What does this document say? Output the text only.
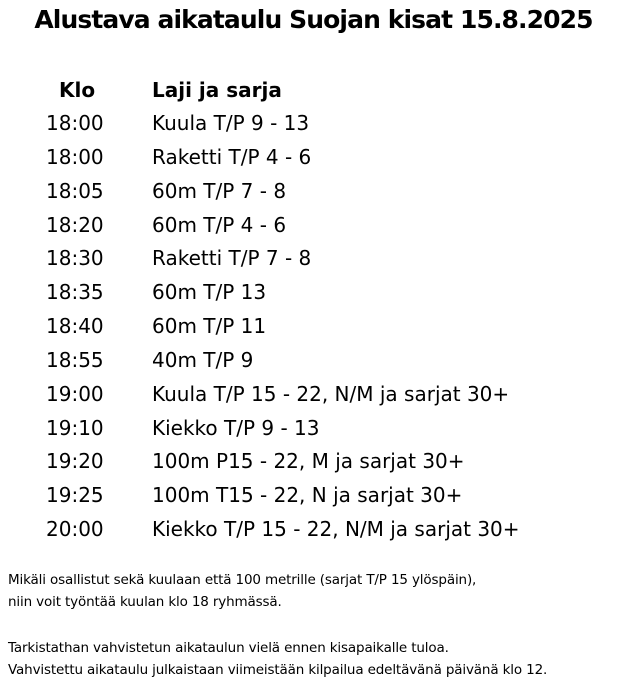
Alustava aikataulu Suojan kisat 15.8.2025
Klo	Laji ja sarja
18:00 Kuula T/P 9 - 13
18:00 Raketti T/P 4 - 6
18:05 60m T/P 7 - 8
18:20 60m T/P 4 - 6
18:30 Raketti T/P 7 - 8
18:35 60m T/P 13
18:40 60m T/P 11
18:55 40m T/P 9
19:00 Kuula T/P 15 - 22, N/M ja sarjat 30+
19:10 Kiekko T/P 9 - 13
19:20 100m P15 - 22, M ja sarjat 30+
19:25 100m T15 - 22, N ja sarjat 30+
20:00 Kiekko T/P 15 - 22, N/M ja sarjat 30+
Mikäli osallistut sekä kuulaan että 100 metrille (sarjat T/P 15 ylöspäin),
niin voit työntää kuulan klo 18 ryhmässä.
Tarkistathan vahvistetun aikataulun vielä ennen kisapaikalle tuloa.
Vahvistettu aikataulu julkaistaan viimeistään kilpailua edeltävänä päivänä klo 12.
